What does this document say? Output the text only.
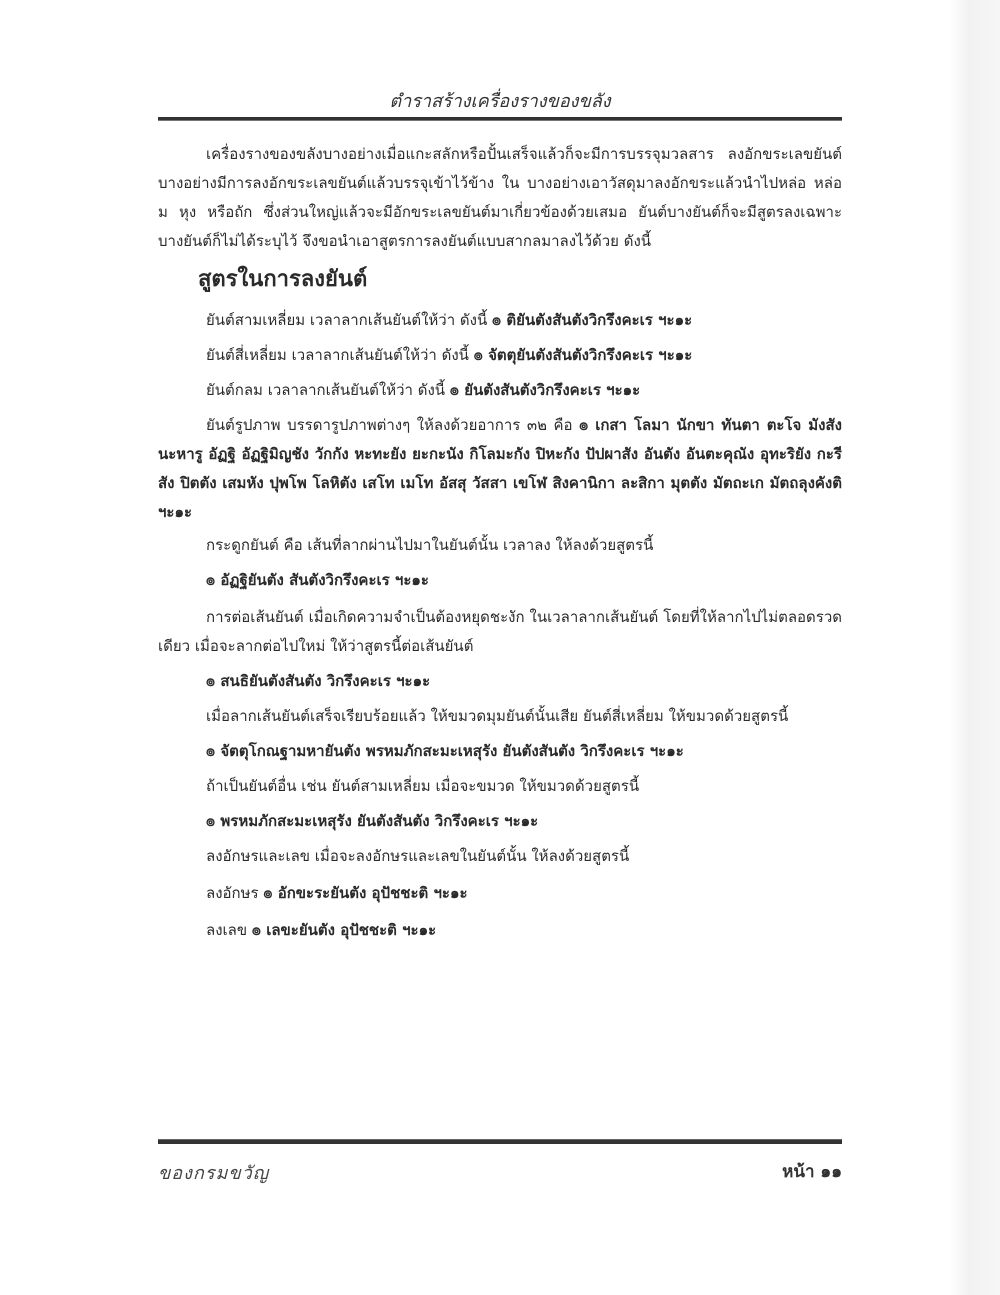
ตำราสร้างเครื่องรางของขลัง

เครื่องรางของขลังบางอย่างเมื่อแกะสลักหรือปั้นเสร็จแล้วก็จะมีการบรรจุมวลสาร ลงอักขระเลขยันต์ บางอย่างมีการลงอักขระเลขยันต์แล้วบรรจุเข้าไว้ข้าง ใน บางอย่างเอาวัสดุมาลงอักขระแล้วนำไปหล่อ หล่อม หุง หรือถัก ซึ่งส่วนใหญ่แล้วจะมีอักขระเลขยันต์มาเกี่ยวข้องด้วยเสมอ ยันต์บางยันต์ก็จะมีสูตรลงเฉพาะ บางยันต์ก็ไม่ได้ระบุไว้ จึงขอนำเอาสูตรการลงยันต์แบบสากลมาลงไว้ด้วย ดังนี้

สูตรในการลงยันต์
ยันต์สามเหลี่ยม เวลาลากเส้นยันต์ให้ว่า ดังนี้ ๏ ติยันตังสันตังวิกรึงคะเร ฯะ๑ะ
ยันต์สี่เหลี่ยม เวลาลากเส้นยันต์ให้ว่า ดังนี้ ๏ จัตตุยันตังสันตังวิกรึงคะเร ฯะ๑ะ
ยันต์กลม เวลาลากเส้นยันต์ให้ว่า ดังนี้ ๏ ยันตังสันตังวิกรึงคะเร ฯะ๑ะ

ยันต์รูปภาพ บรรดารูปภาพต่างๆ ให้ลงด้วยอาการ ๓๒ คือ ๏ เกสา โลมา นักขา ทันตา ตะโจ มังสัง นะหารู อัฏฐิ อัฏฐิมิญชัง วักกัง หะทะยัง ยะกะนัง กิโลมะกัง ปิหะกัง ปัปผาสัง อันตัง อันตะคุณัง อุทะริยัง กะรีสัง ปิตตัง เสมหัง ปุพโพ โลหิตัง เสโท เมโท อัสสุ วัสสา เขโฬ สิงคานิกา ละสิกา มุตตัง มัตถะเก มัตถลุงคังติ ฯะ๑ะ

กระดูกยันต์ คือ เส้นที่ลากผ่านไปมาในยันต์นั้น เวลาลง ให้ลงด้วยสูตรนี้
๏ อัฏฐิยันตัง สันตังวิกรึงคะเร ฯะ๑ะ

การต่อเส้นยันต์ เมื่อเกิดความจำเป็นต้องหยุดชะงัก ในเวลาลากเส้นยันต์ โดยที่ให้ลากไปไม่ตลอดรวดเดียว เมื่อจะลากต่อไปใหม่ ให้ว่าสูตรนี้ต่อเส้นยันต์

๏ สนธิยันตังสันตัง วิกรึงคะเร ฯะ๑ะ
เมื่อลากเส้นยันต์เสร็จเรียบร้อยแล้ว ให้ขมวดมุมยันต์นั้นเสีย ยันต์สี่เหลี่ยม ให้ขมวดด้วยสูตรนี้
๏ จัตตุโกณฐามหายันตัง พรหมภักสะมะเหสุรัง ยันตังสันตัง วิกรึงคะเร ฯะ๑ะ
ถ้าเป็นยันต์อื่น เช่น ยันต์สามเหลี่ยม เมื่อจะขมวด ให้ขมวดด้วยสูตรนี้
๏ พรหมภักสะมะเหสุรัง ยันตังสันตัง วิกรึงคะเร ฯะ๑ะ
ลงอักษรและเลข เมื่อจะลงอักษรและเลขในยันต์นั้น ให้ลงด้วยสูตรนี้
ลงอักษร ๏ อักขะระยันตัง อุปัชชะติ ฯะ๑ะ
ลงเลข ๏ เลขะยันตัง อุปัชชะติ ฯะ๑ะ
ของกรมขวัญ	หน้า ๑๑
